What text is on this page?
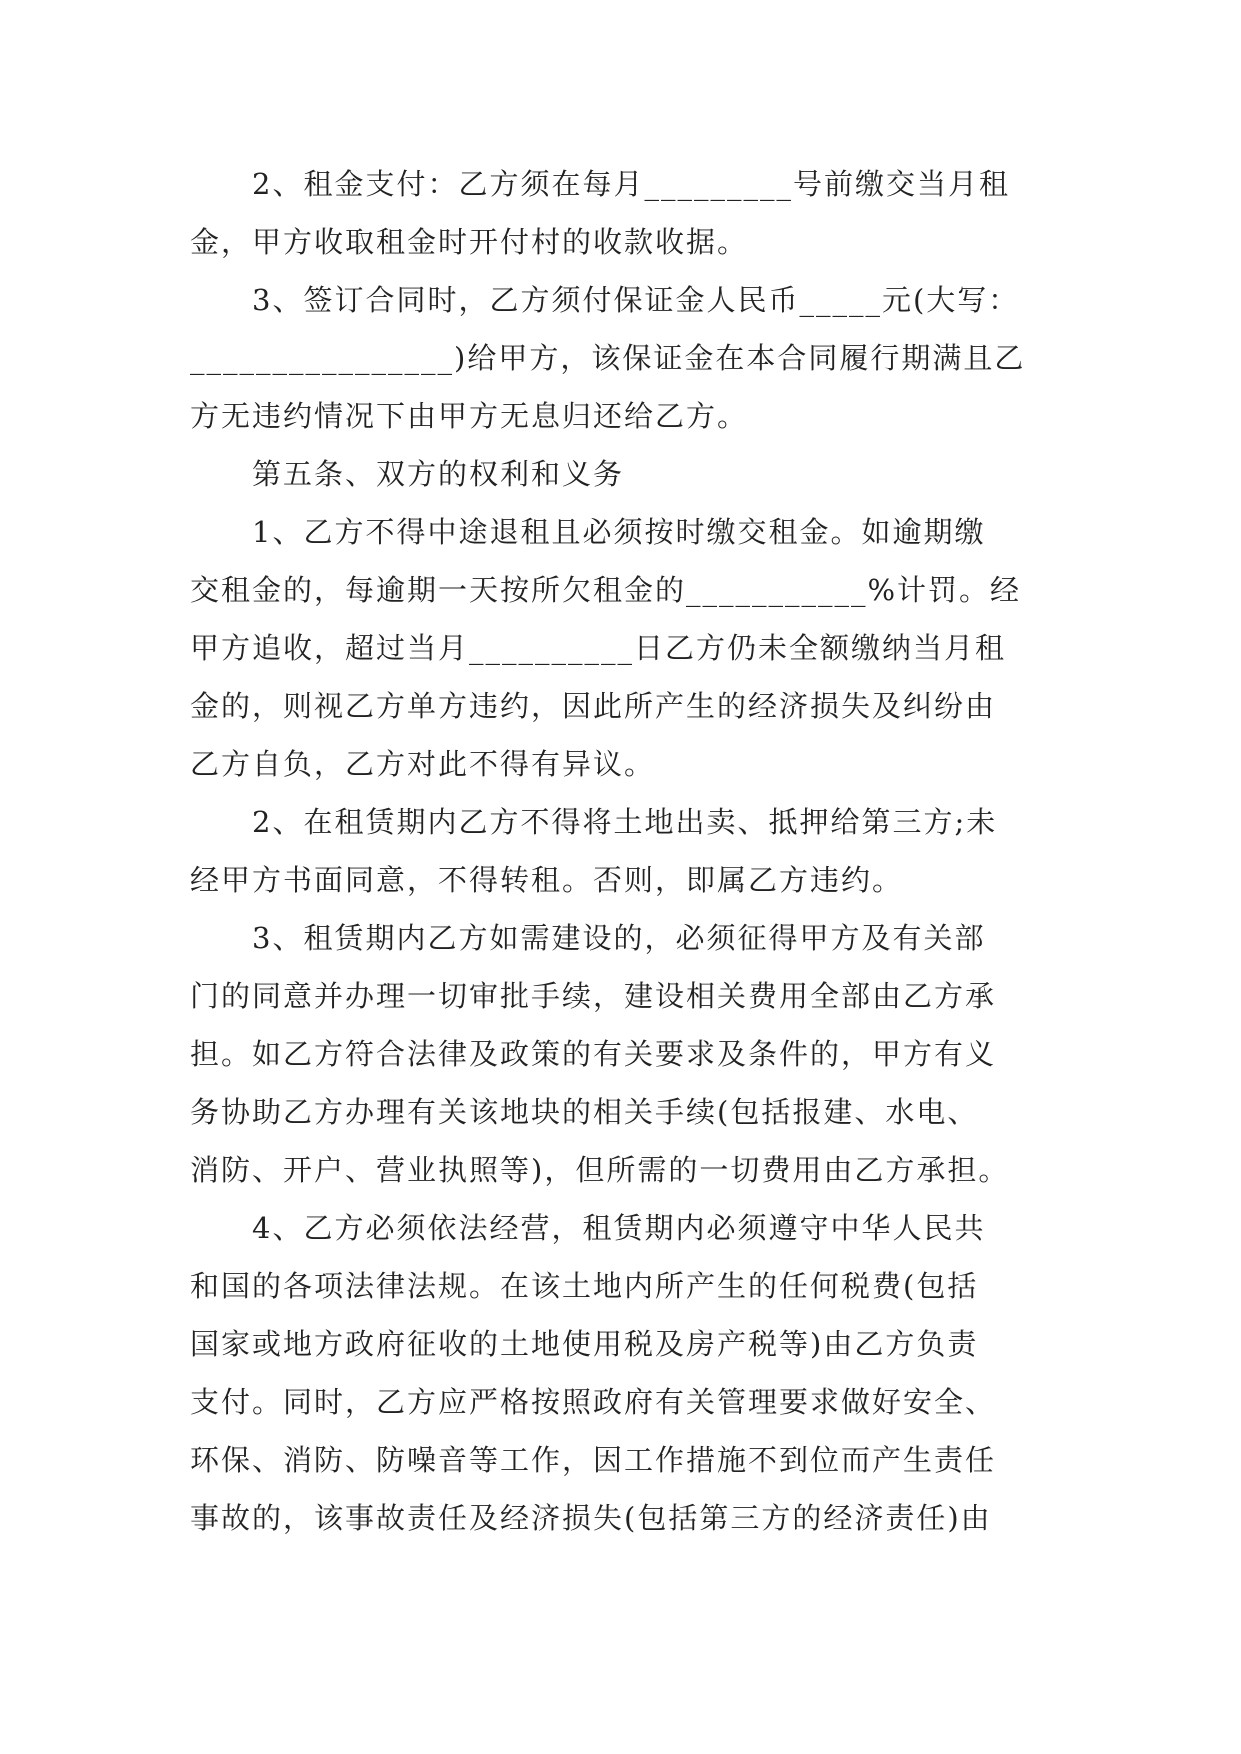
2、租金支付：乙方须在每月_________号前缴交当月租
金，甲方收取租金时开付村的收款收据。
3、签订合同时，乙方须付保证金人民币_____元(大写：
________________)给甲方，该保证金在本合同履行期满且乙
方无违约情况下由甲方无息归还给乙方。
第五条、双方的权利和义务
1、乙方不得中途退租且必须按时缴交租金。如逾期缴
交租金的，每逾期一天按所欠租金的___________%计罚。经
甲方追收，超过当月__________日乙方仍未全额缴纳当月租
金的，则视乙方单方违约，因此所产生的经济损失及纠纷由
乙方自负，乙方对此不得有异议。
2、在租赁期内乙方不得将土地出卖、抵押给第三方;未
经甲方书面同意，不得转租。否则，即属乙方违约。
3、租赁期内乙方如需建设的，必须征得甲方及有关部
门的同意并办理一切审批手续，建设相关费用全部由乙方承
担。如乙方符合法律及政策的有关要求及条件的，甲方有义
务协助乙方办理有关该地块的相关手续(包括报建、水电、
消防、开户、营业执照等)，但所需的一切费用由乙方承担。
4、乙方必须依法经营，租赁期内必须遵守中华人民共
和国的各项法律法规。在该土地内所产生的任何税费(包括
国家或地方政府征收的土地使用税及房产税等)由乙方负责
支付。同时，乙方应严格按照政府有关管理要求做好安全、
环保、消防、防噪音等工作，因工作措施不到位而产生责任
事故的，该事故责任及经济损失(包括第三方的经济责任)由
